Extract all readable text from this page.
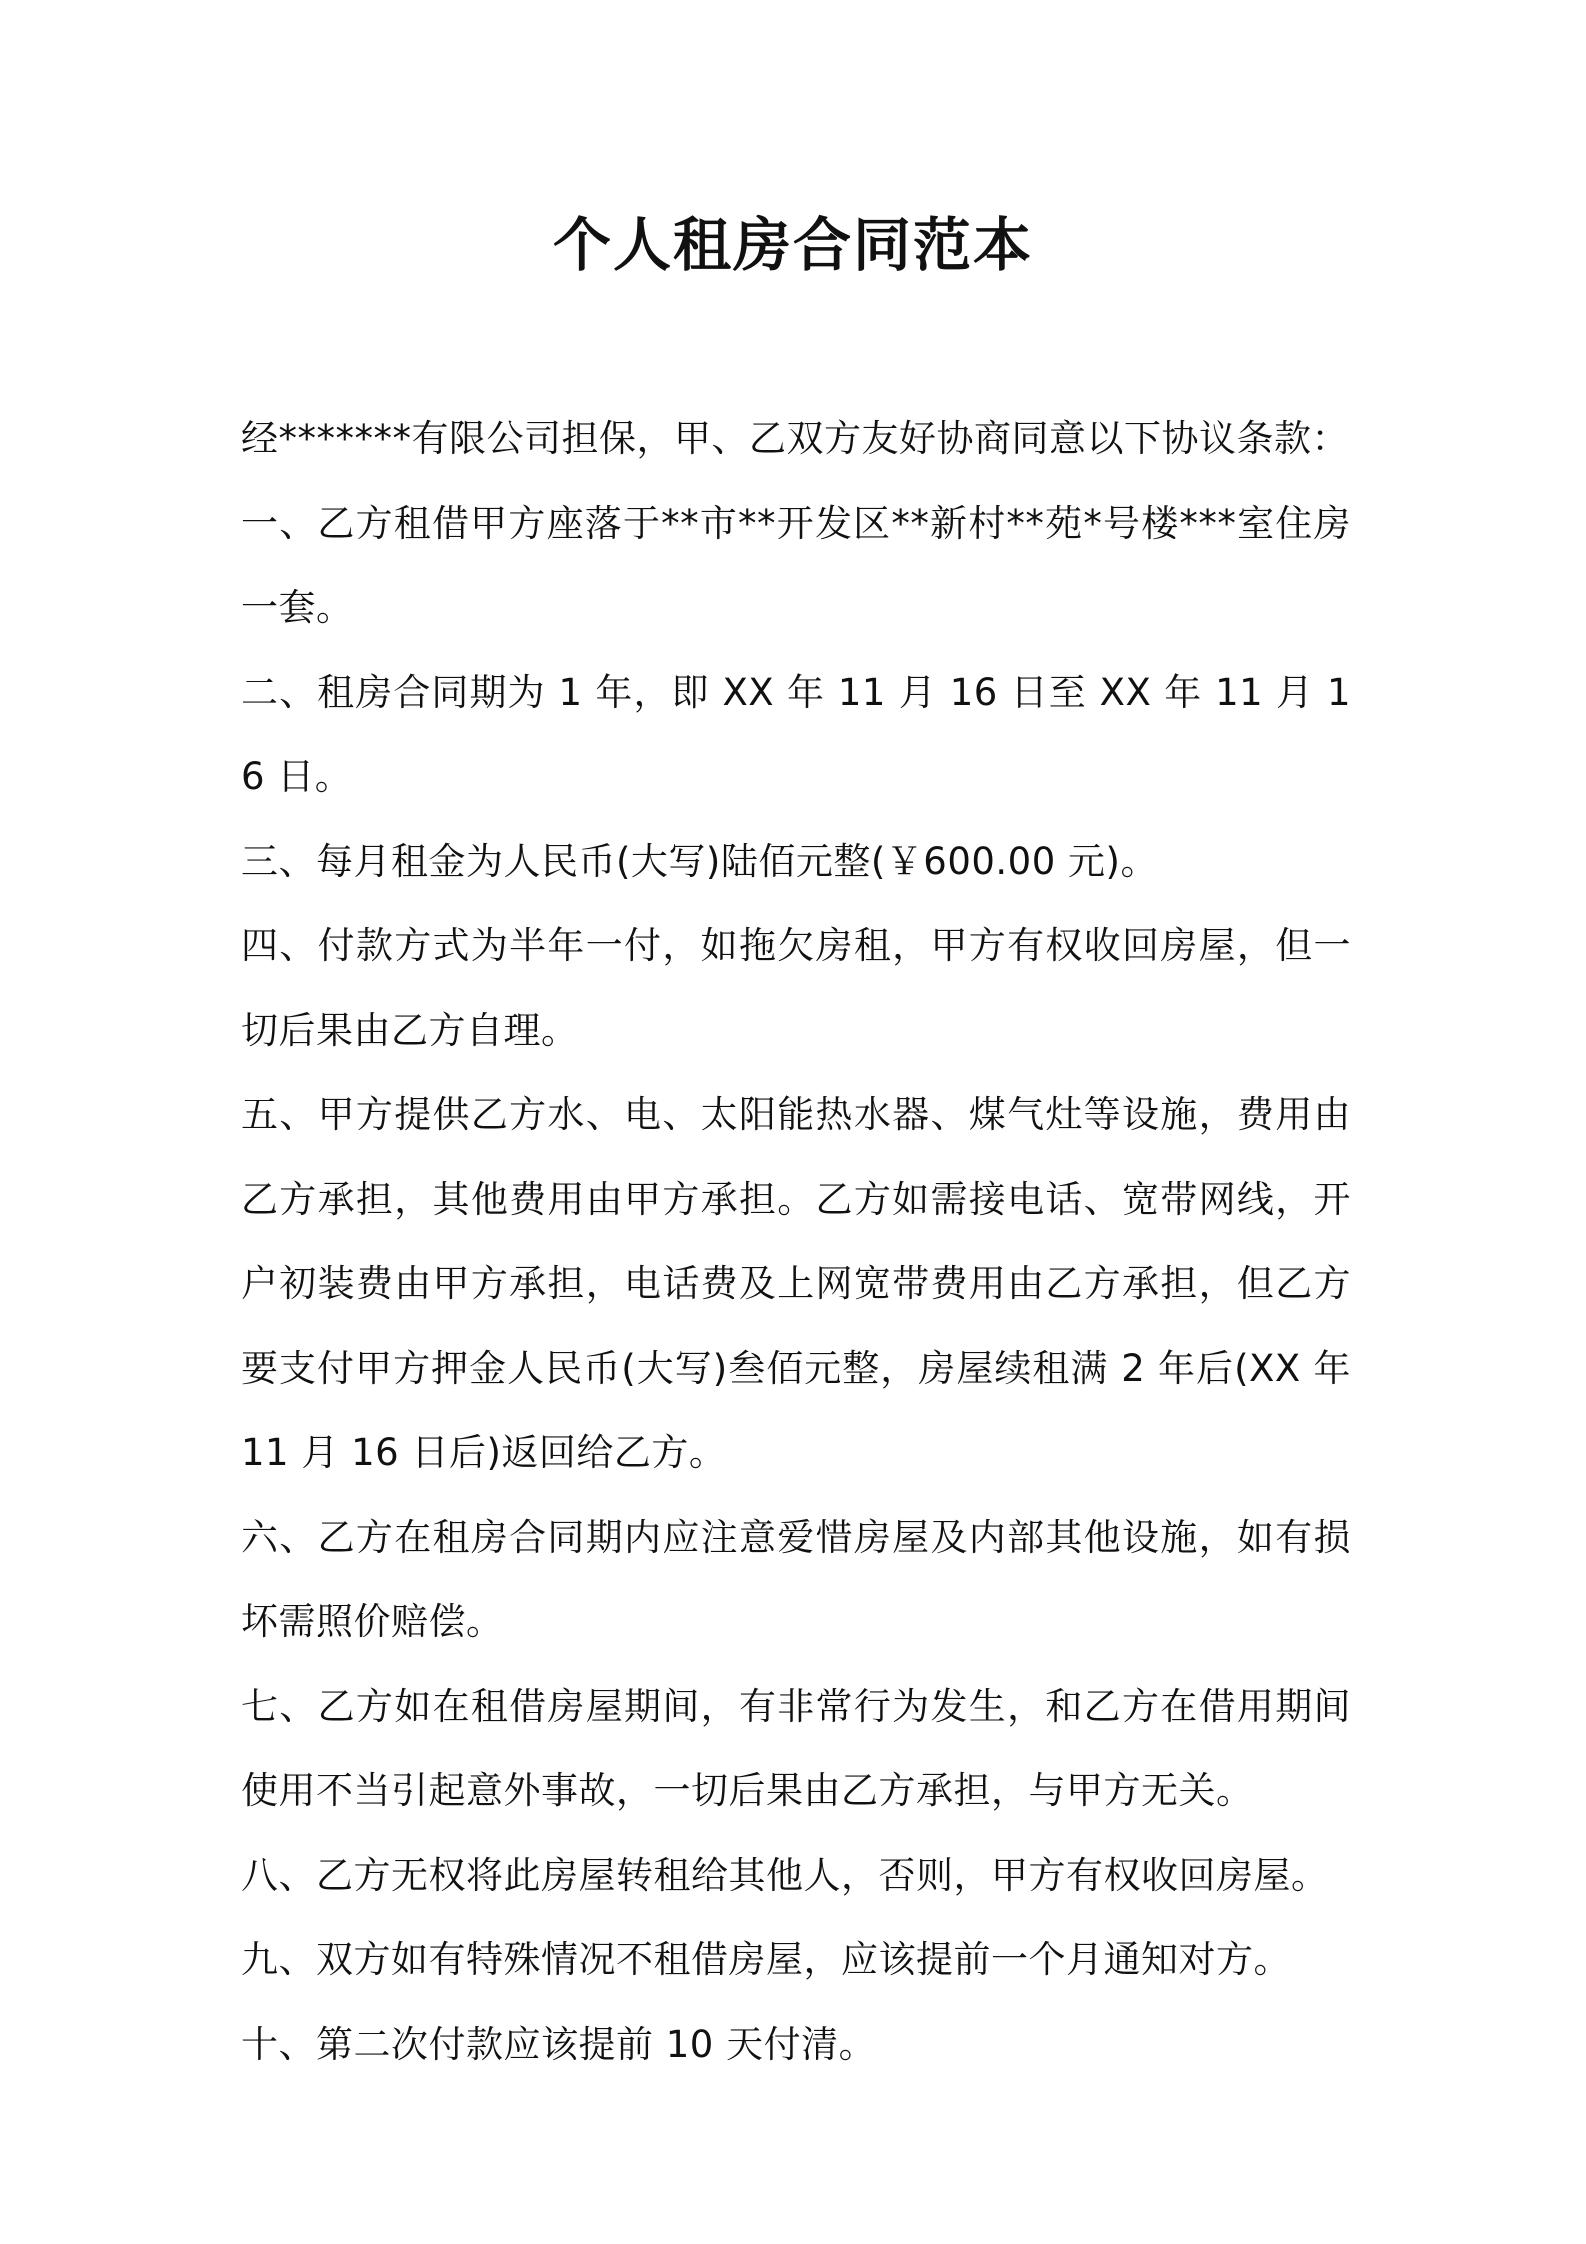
个人租房合同范本

经*******有限公司担保，甲、乙双方友好协商同意以下协议条款：

一、乙方租借甲方座落于**市**开发区**新村**苑*号楼***室住房一套。

二、租房合同期为 1 年，即 XX 年 11 月 16 日至 XX 年 11 月 16 日。

三、每月租金为人民币(大写)陆佰元整(￥600.00 元)。

四、付款方式为半年一付，如拖欠房租，甲方有权收回房屋，但一切后果由乙方自理。

五、甲方提供乙方水、电、太阳能热水器、煤气灶等设施，费用由乙方承担，其他费用由甲方承担。乙方如需接电话、宽带网线，开户初装费由甲方承担，电话费及上网宽带费用由乙方承担，但乙方要支付甲方押金人民币(大写)叁佰元整，房屋续租满 2 年后(XX 年 11 月 16 日后)返回给乙方。

六、乙方在租房合同期内应注意爱惜房屋及内部其他设施，如有损坏需照价赔偿。

七、乙方如在租借房屋期间，有非常行为发生，和乙方在借用期间使用不当引起意外事故，一切后果由乙方承担，与甲方无关。

八、乙方无权将此房屋转租给其他人，否则，甲方有权收回房屋。

九、双方如有特殊情况不租借房屋，应该提前一个月通知对方。

十、第二次付款应该提前 10 天付清。
